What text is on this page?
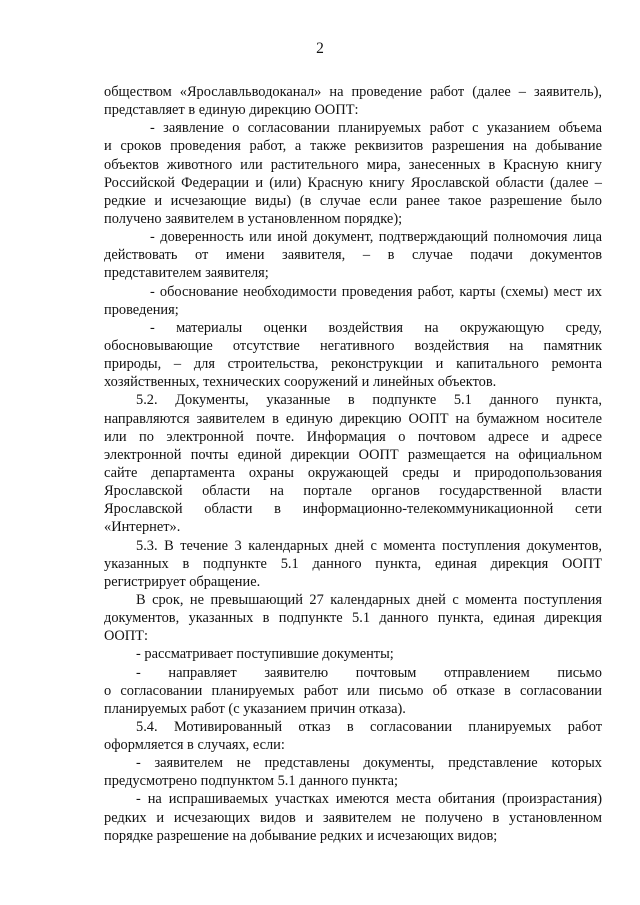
2
обществом «Ярославльводоканал» на проведение работ (далее – заявитель),
представляет в единую дирекцию ООПТ:
- заявление о согласовании планируемых работ с указанием объема
и сроков проведения работ, а также реквизитов разрешения на добывание
объектов животного или растительного мира, занесенных в Красную книгу
Российской Федерации и (или) Красную книгу Ярославской области (далее –
редкие и исчезающие виды) (в случае если ранее такое разрешение было
получено заявителем в установленном порядке);
- доверенность или иной документ, подтверждающий полномочия лица
действовать от имени заявителя, – в случае подачи документов
представителем заявителя;
- обоснование необходимости проведения работ, карты (схемы) мест их
проведения;
- материалы оценки воздействия на окружающую среду,
обосновывающие отсутствие негативного воздействия на памятник
природы, – для строительства, реконструкции и капитального ремонта
хозяйственных, технических сооружений и линейных объектов.
5.2. Документы, указанные в подпункте 5.1 данного пункта,
направляются заявителем в единую дирекцию ООПТ на бумажном носителе
или по электронной почте. Информация о почтовом адресе и адресе
электронной почты единой дирекции ООПТ размещается на официальном
сайте департамента охраны окружающей среды и природопользования
Ярославской области на портале органов государственной власти
Ярославской области в информационно-телекоммуникационной сети
«Интернет».
5.3. В течение 3 календарных дней с момента поступления документов,
указанных в подпункте 5.1 данного пункта, единая дирекция ООПТ
регистрирует обращение.
В срок, не превышающий 27 календарных дней с момента поступления
документов, указанных в подпункте 5.1 данного пункта, единая дирекция
ООПТ:
- рассматривает поступившие документы;
- направляет заявителю почтовым отправлением письмо
о согласовании планируемых работ или письмо об отказе в согласовании
планируемых работ (с указанием причин отказа).
5.4. Мотивированный отказ в согласовании планируемых работ
оформляется в случаях, если:
- заявителем не представлены документы, представление которых
предусмотрено подпунктом 5.1 данного пункта;
- на испрашиваемых участках имеются места обитания (произрастания)
редких и исчезающих видов и заявителем не получено в установленном
порядке разрешение на добывание редких и исчезающих видов;
